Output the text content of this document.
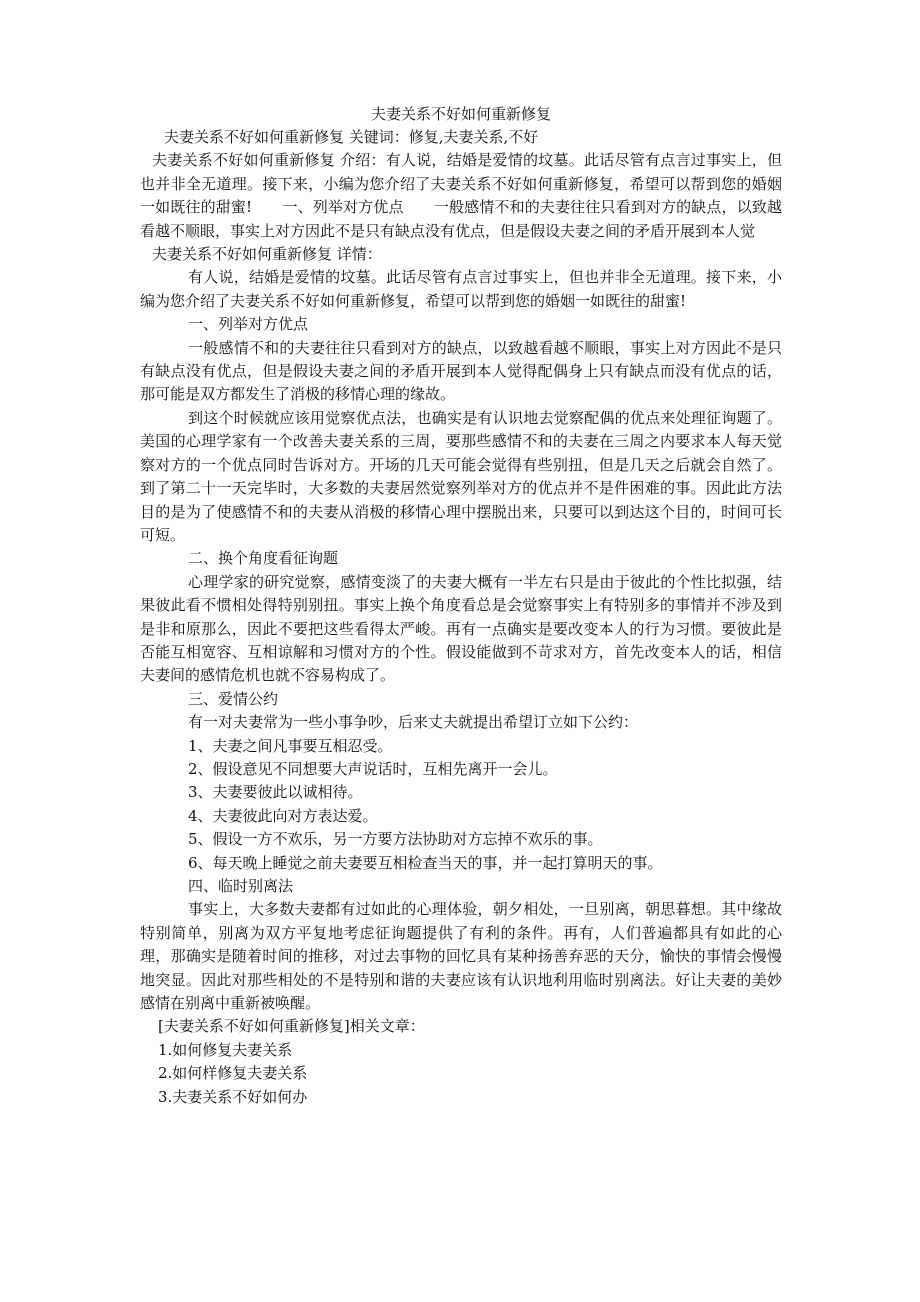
夫妻关系不好如何重新修复

夫妻关系不好如何重新修复 关键词：修复,夫妻关系,不好

夫妻关系不好如何重新修复 介绍：有人说，结婚是爱情的坟墓。此话尽管有点言过事实上，但也并非全无道理。接下来，小编为您介绍了夫妻关系不好如何重新修复，希望可以帮到您的婚姻一如既往的甜蜜!　　一、列举对方优点　　一般感情不和的夫妻往往只看到对方的缺点，以致越看越不顺眼，事实上对方因此不是只有缺点没有优点，但是假设夫妻之间的矛盾开展到本人觉

夫妻关系不好如何重新修复 详情：

有人说，结婚是爱情的坟墓。此话尽管有点言过事实上，但也并非全无道理。接下来，小编为您介绍了夫妻关系不好如何重新修复，希望可以帮到您的婚姻一如既往的甜蜜!

一、列举对方优点

一般感情不和的夫妻往往只看到对方的缺点，以致越看越不顺眼，事实上对方因此不是只有缺点没有优点，但是假设夫妻之间的矛盾开展到本人觉得配偶身上只有缺点而没有优点的话，那可能是双方都发生了消极的移情心理的缘故。

到这个时候就应该用觉察优点法，也确实是有认识地去觉察配偶的优点来处理征询题了。美国的心理学家有一个改善夫妻关系的三周，要那些感情不和的夫妻在三周之内要求本人每天觉察对方的一个优点同时告诉对方。开场的几天可能会觉得有些别扭，但是几天之后就会自然了。到了第二十一天完毕时，大多数的夫妻居然觉察列举对方的优点并不是件困难的事。因此此方法目的是为了使感情不和的夫妻从消极的移情心理中摆脱出来，只要可以到达这个目的，时间可长可短。

二、换个角度看征询题

心理学家的研究觉察，感情变淡了的夫妻大概有一半左右只是由于彼此的个性比拟强，结果彼此看不惯相处得特别别扭。事实上换个角度看总是会觉察事实上有特别多的事情并不涉及到是非和原那么，因此不要把这些看得太严峻。再有一点确实是要改变本人的行为习惯。要彼此是否能互相宽容、互相谅解和习惯对方的个性。假设能做到不苛求对方，首先改变本人的话，相信夫妻间的感情危机也就不容易构成了。

三、爱情公约

有一对夫妻常为一些小事争吵，后来丈夫就提出希望订立如下公约：

1、夫妻之间凡事要互相忍受。

2、假设意见不同想要大声说话时，互相先离开一会儿。

3、夫妻要彼此以诚相待。

4、夫妻彼此向对方表达爱。

5、假设一方不欢乐，另一方要方法协助对方忘掉不欢乐的事。

6、每天晚上睡觉之前夫妻要互相检查当天的事，并一起打算明天的事。

四、临时别离法

事实上，大多数夫妻都有过如此的心理体验，朝夕相处，一旦别离，朝思暮想。其中缘故特别简单，别离为双方平复地考虑征询题提供了有利的条件。再有，人们普遍都具有如此的心理，那确实是随着时间的推移，对过去事物的回忆具有某种扬善弃恶的天分，愉快的事情会慢慢地突显。因此对那些相处的不是特别和谐的夫妻应该有认识地利用临时别离法。好让夫妻的美妙感情在别离中重新被唤醒。

[夫妻关系不好如何重新修复]相关文章：

1.如何修复夫妻关系
2.如何样修复夫妻关系
3.夫妻关系不好如何办
